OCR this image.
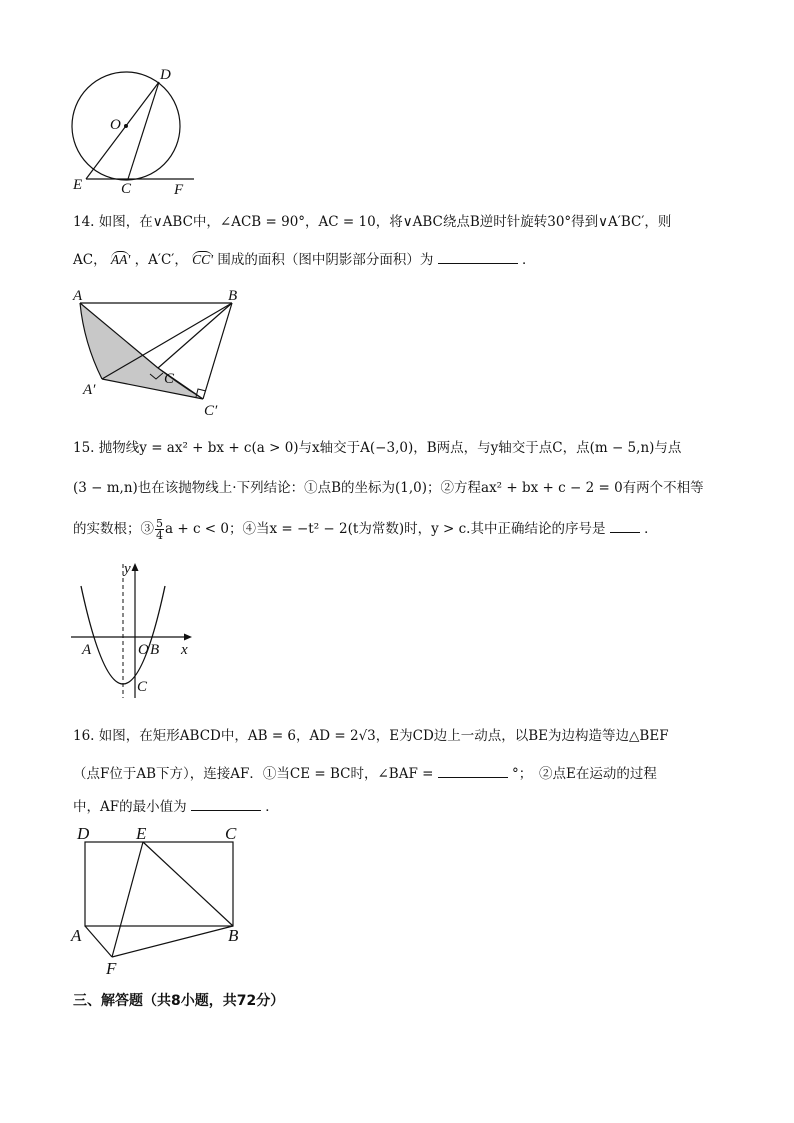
D
O
E	C	F
14. 如图，在∨ABC中，∠ACB = 90°，AC = 10，将∨ABC绕点B逆时针旋转30°得到∨A′BC′，则
AC， AA′ ，A′C′， CC′ 围成的面积（图中阴影部分面积）为	．
A	B
C
A′
C′
15. 抛物线y = ax² + bx + c(a > 0)与x轴交于A(−3,0)，B两点，与y轴交于点C，点(m − 5,n)与点
(3 − m,n)也在该抛物线上·下列结论：①点B的坐标为(1,0)；②方程ax² + bx + c − 2 = 0有两个不相等
的实数根；③ $\frac{5}{4}$ a + c < 0；④当x = −t² − 2(t为常数)时，y > c.其中正确结论的序号是	．
y
x
A	O B
C
16. 如图，在矩形ABCD中，AB = 6，AD = 2√3，E为CD边上一动点，以BE为边构造等边△BEF
（点F位于AB下方），连接AF．①当CE = BC时，∠BAF =	°；　②点E在运动的过程
中，AF的最小值为	．
D	E	C
A	B
F
三、解答题（共8小题，共72分）
